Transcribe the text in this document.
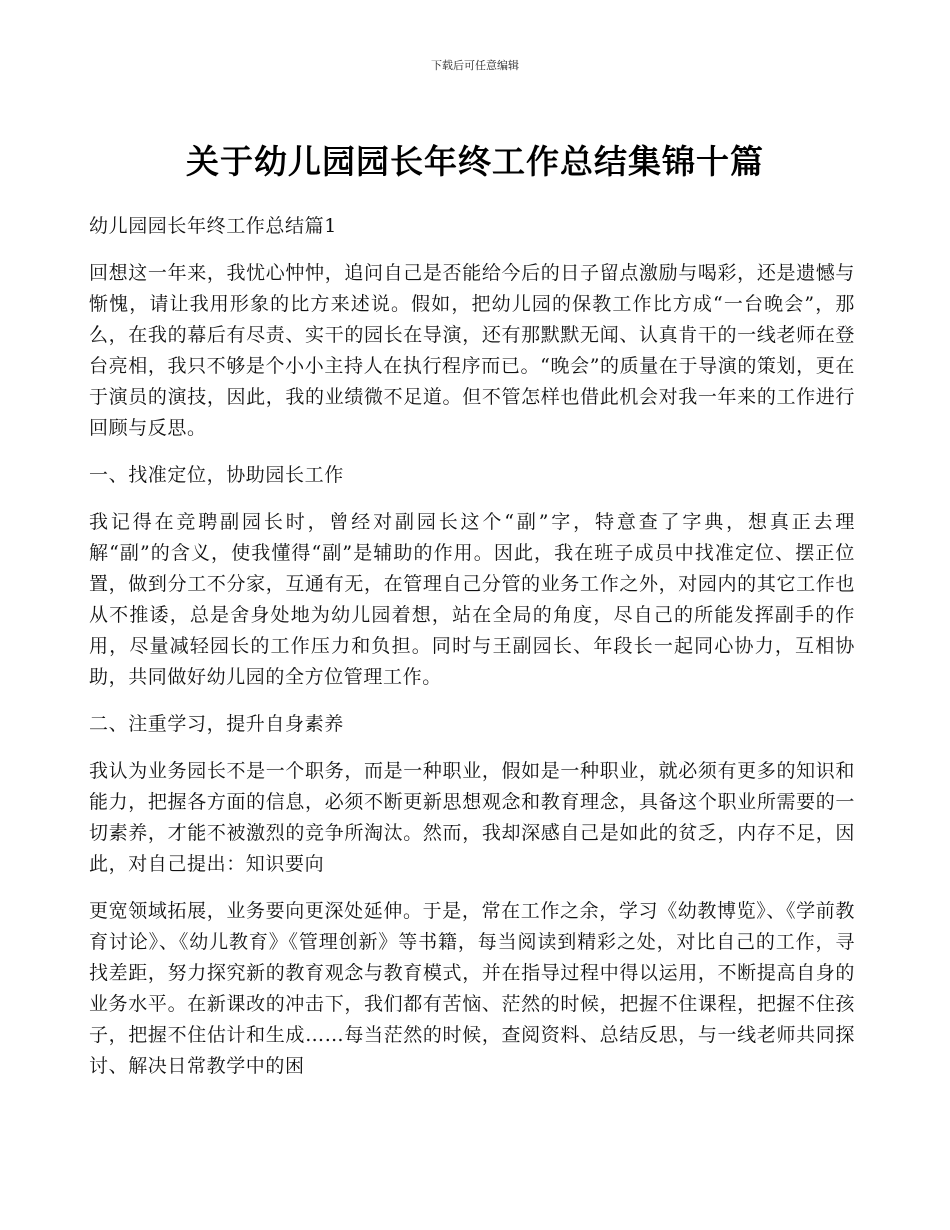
下载后可任意编辑
关于幼儿园园长年终工作总结集锦十篇

幼儿园园长年终工作总结篇1

回想这一年来，我忧心忡忡，追问自己是否能给今后的日子留点激励与喝彩，还是遗憾与惭愧，请让我用形象的比方来述说。假如，把幼儿园的保教工作比方成“一台晚会”，那么，在我的幕后有尽责、实干的园长在导演，还有那默默无闻、认真肯干的一线老师在登台亮相，我只不够是个小小主持人在执行程序而已。“晚会”的质量在于导演的策划，更在于演员的演技，因此，我的业绩微不足道。但不管怎样也借此机会对我一年来的工作进行回顾与反思。

一、找准定位，协助园长工作

我记得在竞聘副园长时，曾经对副园长这个“副”字，特意查了字典，想真正去理解“副”的含义，使我懂得“副”是辅助的作用。因此，我在班子成员中找准定位、摆正位置，做到分工不分家，互通有无，在管理自己分管的业务工作之外，对园内的其它工作也从不推诿，总是舍身处地为幼儿园着想，站在全局的角度，尽自己的所能发挥副手的作用，尽量减轻园长的工作压力和负担。同时与王副园长、年段长一起同心协力，互相协助，共同做好幼儿园的全方位管理工作。

二、注重学习，提升自身素养

我认为业务园长不是一个职务，而是一种职业，假如是一种职业，就必须有更多的知识和能力，把握各方面的信息，必须不断更新思想观念和教育理念，具备这个职业所需要的一切素养，才能不被激烈的竞争所淘汰。然而，我却深感自己是如此的贫乏，内存不足，因此，对自己提出：知识要向

更宽领域拓展，业务要向更深处延伸。于是，常在工作之余，学习《幼教博览》、《学前教育讨论》、《幼儿教育》《管理创新》等书籍，每当阅读到精彩之处，对比自己的工作，寻找差距，努力探究新的教育观念与教育模式，并在指导过程中得以运用，不断提高自身的业务水平。在新课改的冲击下，我们都有苦恼、茫然的时候，把握不住课程，把握不住孩子，把握不住估计和生成……每当茫然的时候，查阅资料、总结反思，与一线老师共同探讨、解决日常教学中的困
